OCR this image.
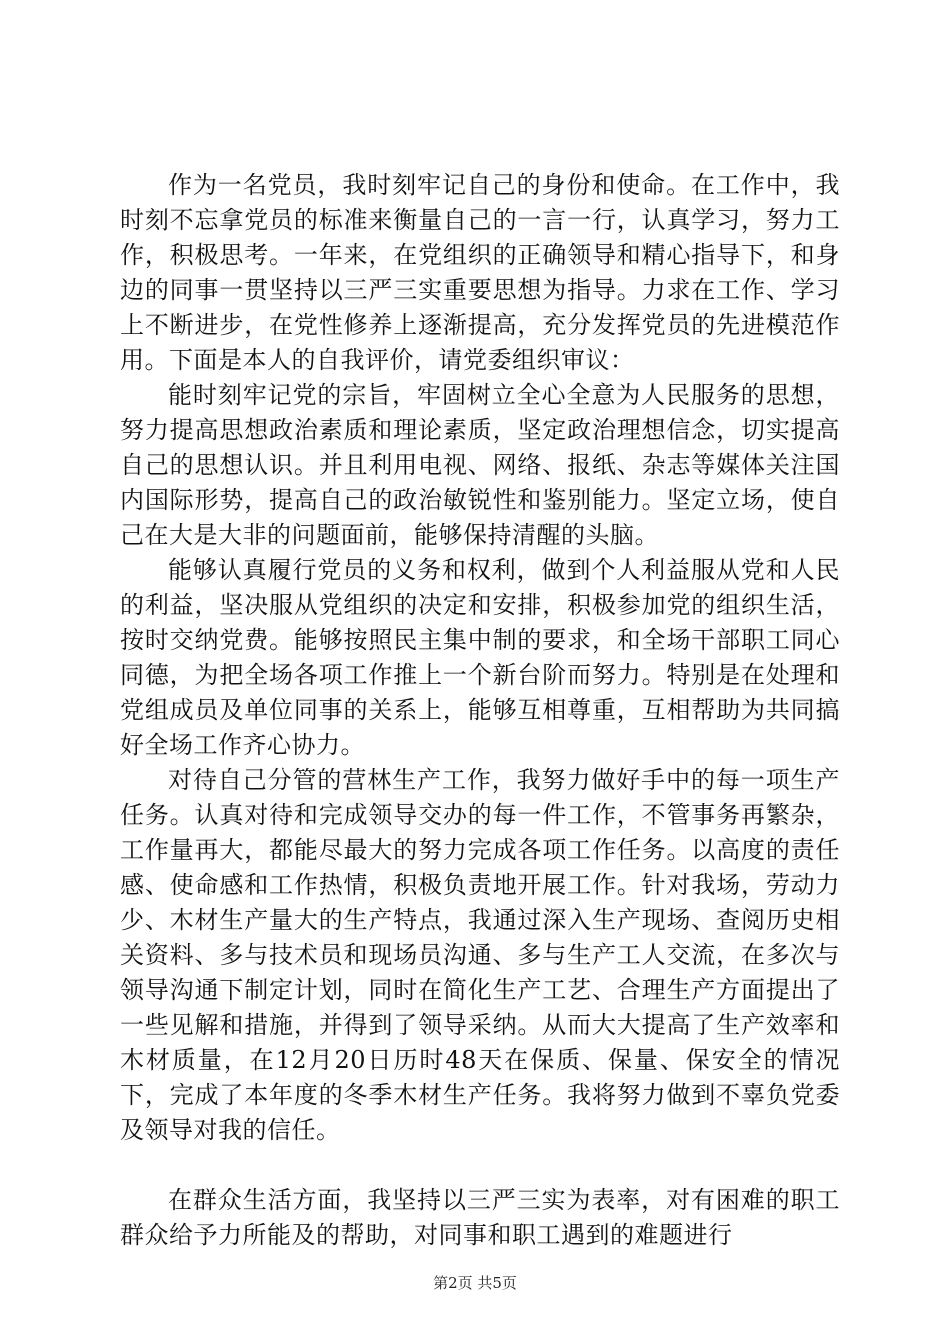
作为一名党员，我时刻牢记自己的身份和使命。在工作中，我时刻不忘拿党员的标准来衡量自己的一言一行，认真学习，努力工作，积极思考。一年来，在党组织的正确领导和精心指导下，和身边的同事一贯坚持以三严三实重要思想为指导。力求在工作、学习上不断进步，在党性修养上逐渐提高，充分发挥党员的先进模范作用。下面是本人的自我评价，请党委组织审议：

能时刻牢记党的宗旨，牢固树立全心全意为人民服务的思想，努力提高思想政治素质和理论素质，坚定政治理想信念，切实提高自己的思想认识。并且利用电视、网络、报纸、杂志等媒体关注国内国际形势，提高自己的政治敏锐性和鉴别能力。坚定立场，使自己在大是大非的问题面前，能够保持清醒的头脑。

能够认真履行党员的义务和权利，做到个人利益服从党和人民的利益，坚决服从党组织的决定和安排，积极参加党的组织生活，按时交纳党费。能够按照民主集中制的要求，和全场干部职工同心同德，为把全场各项工作推上一个新台阶而努力。特别是在处理和党组成员及单位同事的关系上，能够互相尊重，互相帮助为共同搞好全场工作齐心协力。

对待自己分管的营林生产工作，我努力做好手中的每一项生产任务。认真对待和完成领导交办的每一件工作，不管事务再繁杂，工作量再大，都能尽最大的努力完成各项工作任务。以高度的责任感、使命感和工作热情，积极负责地开展工作。针对我场，劳动力少、木材生产量大的生产特点，我通过深入生产现场、查阅历史相关资料、多与技术员和现场员沟通、多与生产工人交流，在多次与领导沟通下制定计划，同时在简化生产工艺、合理生产方面提出了一些见解和措施，并得到了领导采纳。从而大大提高了生产效率和木材质量，在12月20日历时48天在保质、保量、保安全的情况下，完成了本年度的冬季木材生产任务。我将努力做到不辜负党委及领导对我的信任。

在群众生活方面，我坚持以三严三实为表率，对有困难的职工群众给予力所能及的帮助，对同事和职工遇到的难题进行

第2页 共5页
